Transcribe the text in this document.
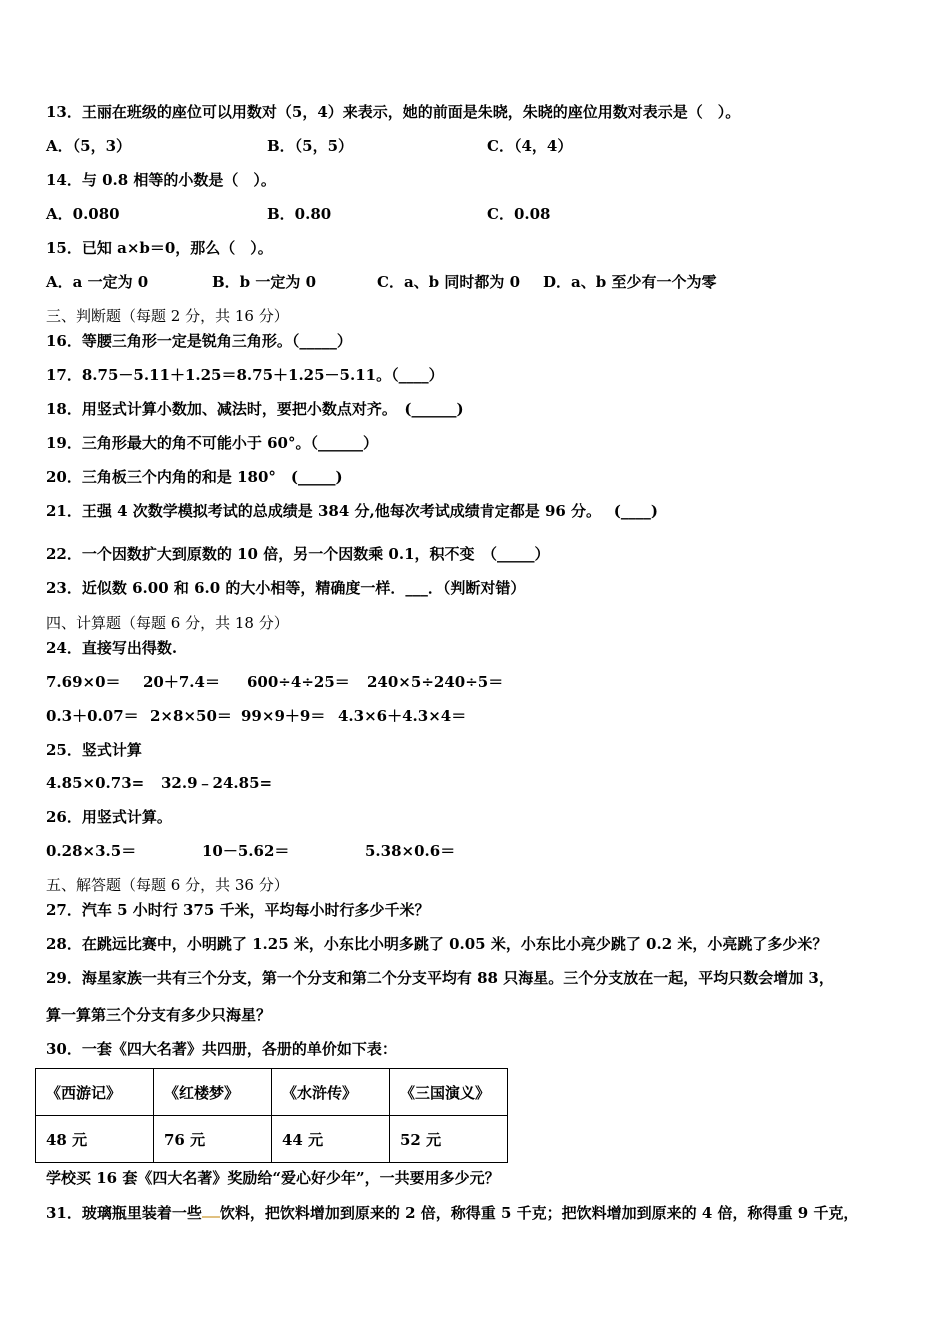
13．王丽在班级的座位可以用数对（5，4）来表示，她的前面是朱晓，朱晓的座位用数对表示是（　）。
A．（5，3）	B．（5，5）	C．（4，4）
14．与 0.8 相等的小数是（　）。
A．0.080	B．0.80	C．0.08
15．已知 a×b＝0，那么（　）。
A．a 一定为 0	B．b 一定为 0	C．a、b 同时都为 0 D．a、b 至少有一个为零
三、判断题（每题 2 分，共 16 分）
16．等腰三角形一定是锐角三角形。（_____）
17．8.75－5.11＋1.25＝8.75＋1.25－5.11。（____）
18．用竖式计算小数加、减法时，要把小数点对齐。　(______)
19．三角形最大的角不可能小于 60°。（______）
20．三角板三个内角的和是 180°　(_____)
21．王强 4 次数学模拟考试的总成绩是 384 分,他每次考试成绩肯定都是 96 分。　 (____)
22．一个因数扩大到原数的 10 倍，另一个因数乘 0.1，积不变　（_____）
23．近似数 6.00 和 6.0 的大小相等，精确度一样．___．（判断对错）
四、计算题（每题 6 分，共 18 分）
24．直接写出得数.
7.69×0＝ 20＋7.4＝ 600÷4÷25＝ 240×5÷240÷5＝
0.3＋0.07＝ 2×8×50＝ 99×9＋9＝ 4.3×6＋4.3×4＝
25．竖式计算
4.85×0.73= 32.9﹣24.85=
26．用竖式计算。
0.28×3.5＝	10－5.62＝	5.38×0.6＝
五、解答题（每题 6 分，共 36 分）
27．汽车 5 小时行 375 千米，平均每小时行多少千米？
28．在跳远比赛中，小明跳了 1.25 米，小东比小明多跳了 0.05 米，小东比小亮少跳了 0.2 米，小亮跳了多少米？
29．海星家族一共有三个分支，第一个分支和第二个分支平均有 88 只海星。三个分支放在一起，平均只数会增加 3，
算一算第三个分支有多少只海星？
30．一套《四大名著》共四册，各册的单价如下表：
《西游记》	《红楼梦》	《水浒传》	《三国演义》
48 元	76 元	44 元	52 元
学校买 16 套《四大名著》奖励给“爱心好少年”，一共要用多少元？
31．玻璃瓶里装着一些 饮料，把饮料增加到原来的 2 倍，称得重 5 千克；把饮料增加到原来的 4 倍，称得重 9 千克，
